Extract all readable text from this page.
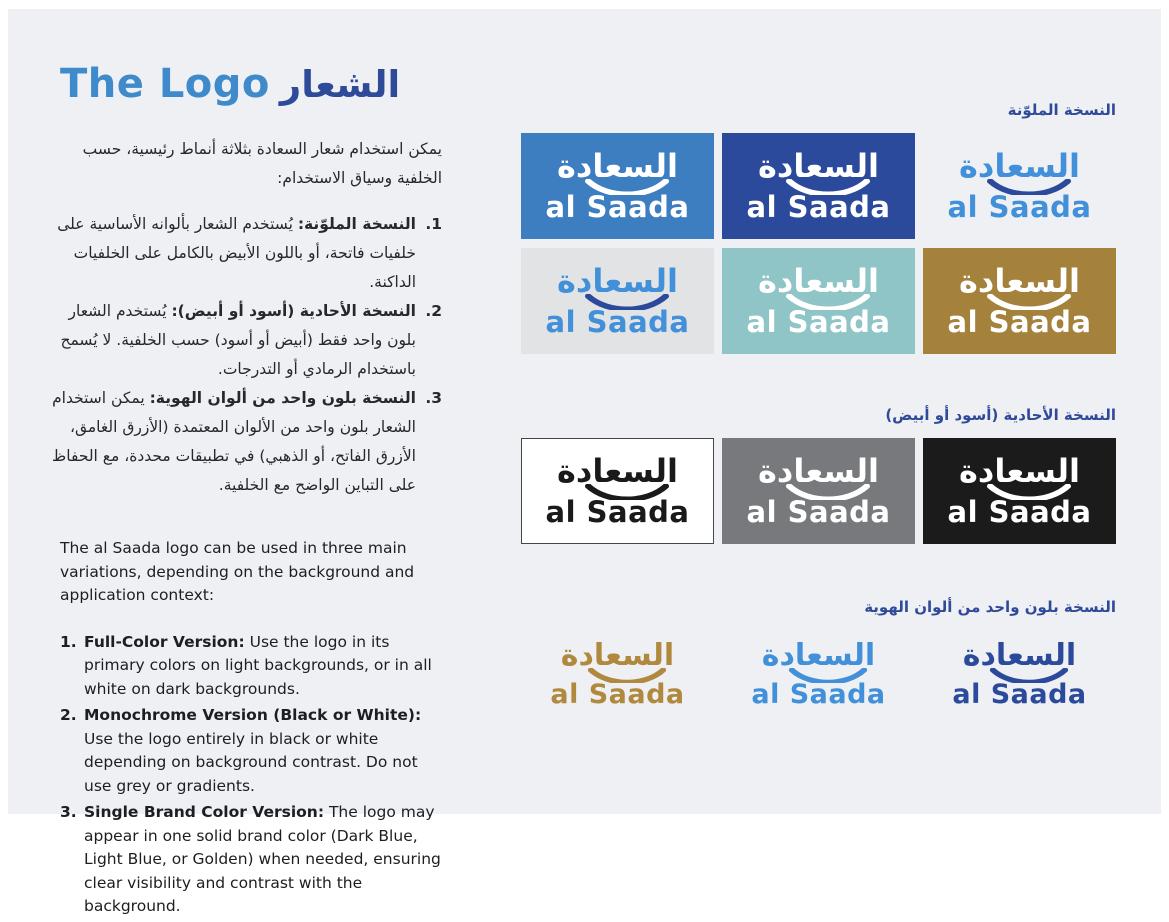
The Logo الشعار

يمكن استخدام شعار السعادة بثلاثة أنماط رئيسية، حسب الخلفية وسياق الاستخدام:

1.
النسخة الملوّنة: يُستخدم الشعار بألوانه الأساسية على خلفيات فاتحة، أو باللون الأبيض بالكامل على الخلفيات الداكنة.
2.
النسخة الأحادية (أسود أو أبيض): يُستخدم الشعار بلون واحد فقط (أبيض أو أسود) حسب الخلفية. لا يُسمح باستخدام الرمادي أو التدرجات.
3.
النسخة بلون واحد من ألوان الهوية: يمكن استخدام الشعار بلون واحد من الألوان المعتمدة (الأزرق الغامق، الأزرق الفاتح، أو الذهبي) في تطبيقات محددة، مع الحفاظ على التباين الواضح مع الخلفية.

The al Saada logo can be used in three main variations, depending on the background and application context:

1. Full-Color Version: Use the logo in its primary colors on light backgrounds, or in all white on dark backgrounds.
2. Monochrome Version (Black or White): Use the logo entirely in black or white depending on background contrast. Do not use grey or gradients.
3. Single Brand Color Version: The logo may appear in one solid brand color (Dark Blue, Light Blue, or Golden) when needed, ensuring clear visibility and contrast with the background.
النسخة الملوّنة
السعادة
al Saada
السعادة
al Saada
السعادة
al Saada
السعادة
al Saada
السعادة
al Saada
السعادة
al Saada
النسخة الأحادية (أسود أو أبيض)
السعادة
al Saada
السعادة
al Saada
السعادة
al Saada
النسخة بلون واحد من ألوان الهوية
السعادة
al Saada
السعادة
al Saada
السعادة
al Saada
